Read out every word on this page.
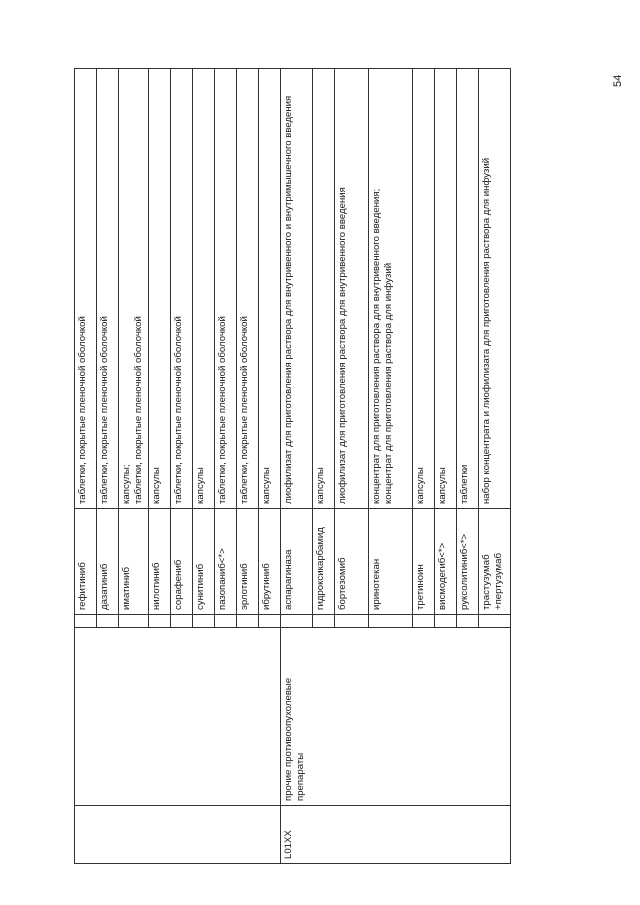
			гефитиниб	таблетки, покрытые пленочной оболочкой

			дазатиниб	таблетки, покрытые пленочной оболочкой

			иматиниб	капсулы; таблетки, покрытые пленочной оболочкой

			нилотиниб	капсулы

			сорафениб	таблетки, покрытые пленочной оболочкой

			сунитиниб	капсулы

			пазопаниб<*>	таблетки, покрытые пленочной оболочкой

			эрлотиниб	таблетки, покрытые пленочной оболочкой

			ибрутиниб	капсулы

L01XX	прочие противоопухолевые препараты		аспарагиназа	лиофилизат для приготовления раствора для внутривенного и внутримышечного введения

			гидроксикарбамид	капсулы

			бортезомиб	лиофилизат для приготовления раствора для внутривенного введения

			иринотекан	концентрат для приготовления раствора для внутривенного введения; концентрат для приготовления раствора для инфузий

			третиноин	капсулы

			висмодегиб<*>	капсулы

			руксолитиниб<*>	таблетки

			трастузумаб +пертузумаб	набор концентрата и лиофилизата для приготовления раствора для инфузий
54
